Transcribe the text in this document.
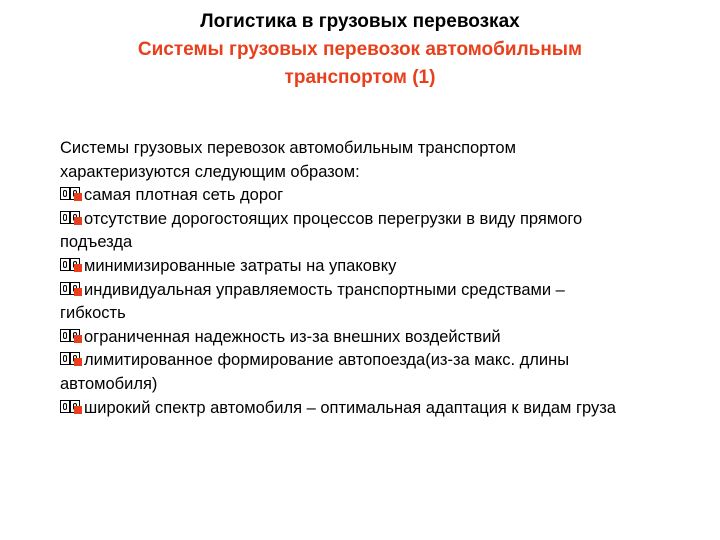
Логистика в грузовых перевозках
Системы грузовых перевозок автомобильным
транспортом (1)
Системы грузовых перевозок автомобильным транспортом
характеризуются следующим образом:
самая плотная сеть дорог
отсутствие дорогостоящих процессов перегрузки в виду прямого
подъезда
минимизированные затраты на упаковку
индивидуальная управляемость транспортными средствами –
гибкость
ограниченная надежность из-за внешних воздействий
лимитированное формирование автопоезда(из-за макс. длины
автомобиля)
широкий спектр автомобиля – оптимальная адаптация к видам груза
